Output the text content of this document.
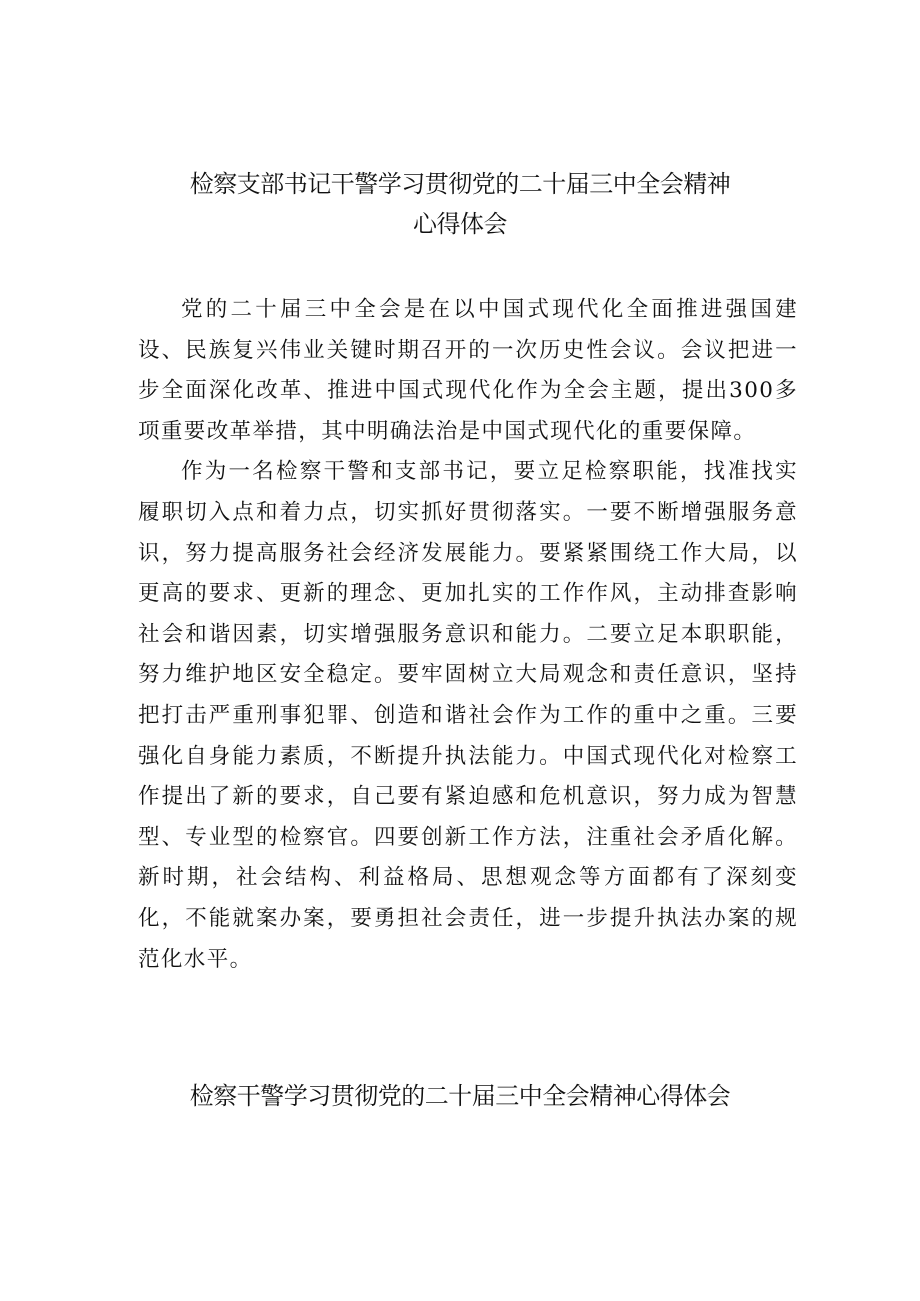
检察支部书记干警学习贯彻党的二十届三中全会精神
心得体会

党的二十届三中全会是在以中国式现代化全面推进强国建设、民族复兴伟业关键时期召开的一次历史性会议。会议把进一步全面深化改革、推进中国式现代化作为全会主题，提出300多项重要改革举措，其中明确法治是中国式现代化的重要保障。

作为一名检察干警和支部书记，要立足检察职能，找准找实履职切入点和着力点，切实抓好贯彻落实。一要不断增强服务意识，努力提高服务社会经济发展能力。要紧紧围绕工作大局，以更高的要求、更新的理念、更加扎实的工作作风，主动排查影响社会和谐因素，切实增强服务意识和能力。二要立足本职职能，努力维护地区安全稳定。要牢固树立大局观念和责任意识，坚持把打击严重刑事犯罪、创造和谐社会作为工作的重中之重。三要强化自身能力素质，不断提升执法能力。中国式现代化对检察工作提出了新的要求，自己要有紧迫感和危机意识，努力成为智慧型、专业型的检察官。四要创新工作方法，注重社会矛盾化解。新时期，社会结构、利益格局、思想观念等方面都有了深刻变化，不能就案办案，要勇担社会责任，进一步提升执法办案的规范化水平。

检察干警学习贯彻党的二十届三中全会精神心得体会
